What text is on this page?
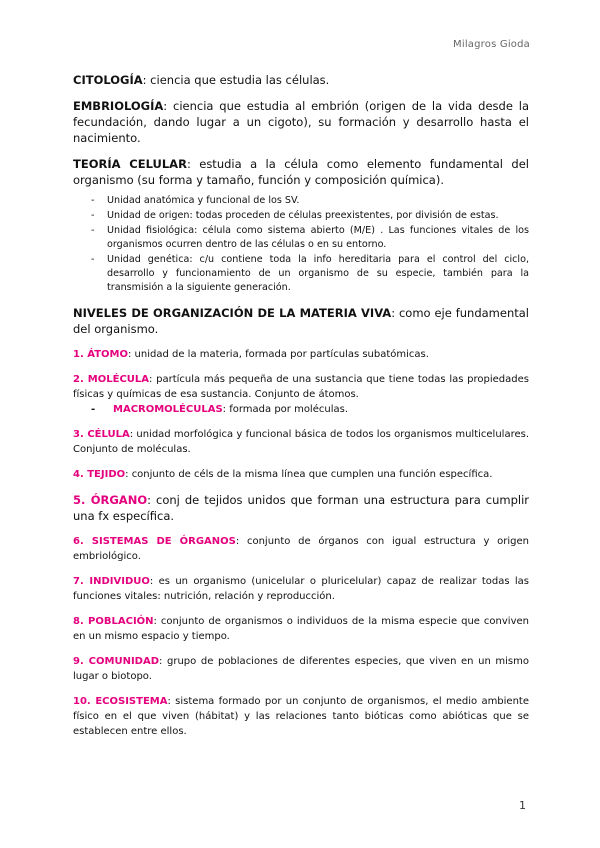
Milagros Gioda

CITOLOGÍA: ciencia que estudia las células.

EMBRIOLOGÍA: ciencia que estudia al embrión (origen de la vida desde la fecundación, dando lugar a un cigoto), su formación y desarrollo hasta el nacimiento.

TEORÍA CELULAR: estudia a la célula como elemento fundamental del organismo (su forma y tamaño, función y composición química).

- Unidad anatómica y funcional de los SV.
- Unidad de origen: todas proceden de células preexistentes, por división de estas.
- Unidad fisiológica: célula como sistema abierto (M/E) . Las funciones vitales de los organismos ocurren dentro de las células o en su entorno.
- Unidad genética: c/u contiene toda la info hereditaria para el control del ciclo, desarrollo y funcionamiento de un organismo de su especie, también para la transmisión a la siguiente generación.

NIVELES DE ORGANIZACIÓN DE LA MATERIA VIVA: como eje fundamental del organismo.

1. ÁTOMO: unidad de la materia, formada por partículas subatómicas.

2. MOLÉCULA: partícula más pequeña de una sustancia que tiene todas las propiedades físicas y químicas de esa sustancia. Conjunto de átomos.

- MACROMOLÉCULAS: formada por moléculas.

3. CÉLULA: unidad morfológica y funcional básica de todos los organismos multicelulares. Conjunto de moléculas.

4. TEJIDO: conjunto de céls de la misma línea que cumplen una función específica.

5. ÓRGANO: conj de tejidos unidos que forman una estructura para cumplir una fx específica.

6. SISTEMAS DE ÓRGANOS: conjunto de órganos con igual estructura y origen embriológico.

7. INDIVIDUO: es un organismo (unicelular o pluricelular) capaz de realizar todas las funciones vitales: nutrición, relación y reproducción.

8. POBLACIÓN: conjunto de organismos o individuos de la misma especie que conviven en un mismo espacio y tiempo.

9. COMUNIDAD: grupo de poblaciones de diferentes especies, que viven en un mismo lugar o biotopo.

10. ECOSISTEMA: sistema formado por un conjunto de organismos, el medio ambiente físico en el que viven (hábitat) y las relaciones tanto bióticas como abióticas que se establecen entre ellos.

1
